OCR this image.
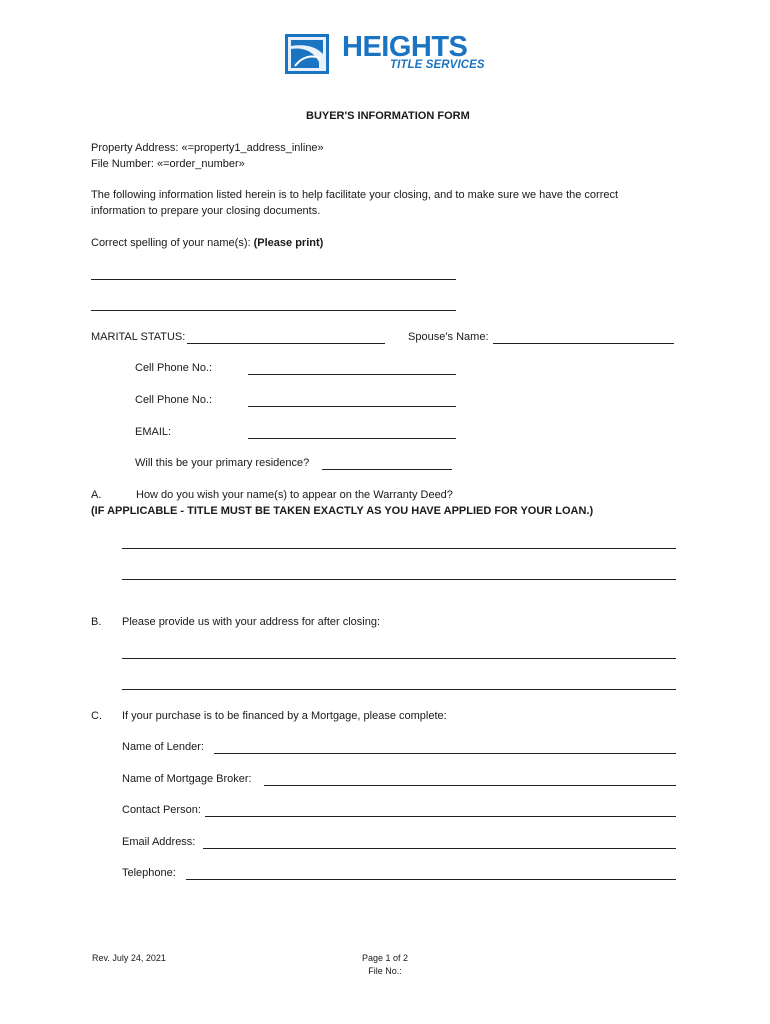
HEIGHTS
TITLE SERVICES
BUYER'S INFORMATION FORM
Property Address: «=property1_address_inline»
File Number: «=order_number»
The following information listed herein is to help facilitate your closing, and to make sure we have the correct
information to prepare your closing documents.
Correct spelling of your name(s): (Please print)
MARITAL STATUS:	Spouse’s Name:
Cell Phone No.:
Cell Phone No.:
EMAIL:
Will this be your primary residence?
A.	How do you wish your name(s) to appear on the Warranty Deed?
(IF APPLICABLE - TITLE MUST BE TAKEN EXACTLY AS YOU HAVE APPLIED FOR YOUR LOAN.)
B. Please provide us with your address for after closing:
C. If your purchase is to be financed by a Mortgage, please complete:
Name of Lender:
Name of Mortgage Broker:
Contact Person:
Email Address:
Telephone:
Rev. July 24, 2021	Page 1 of 2
File No.:
